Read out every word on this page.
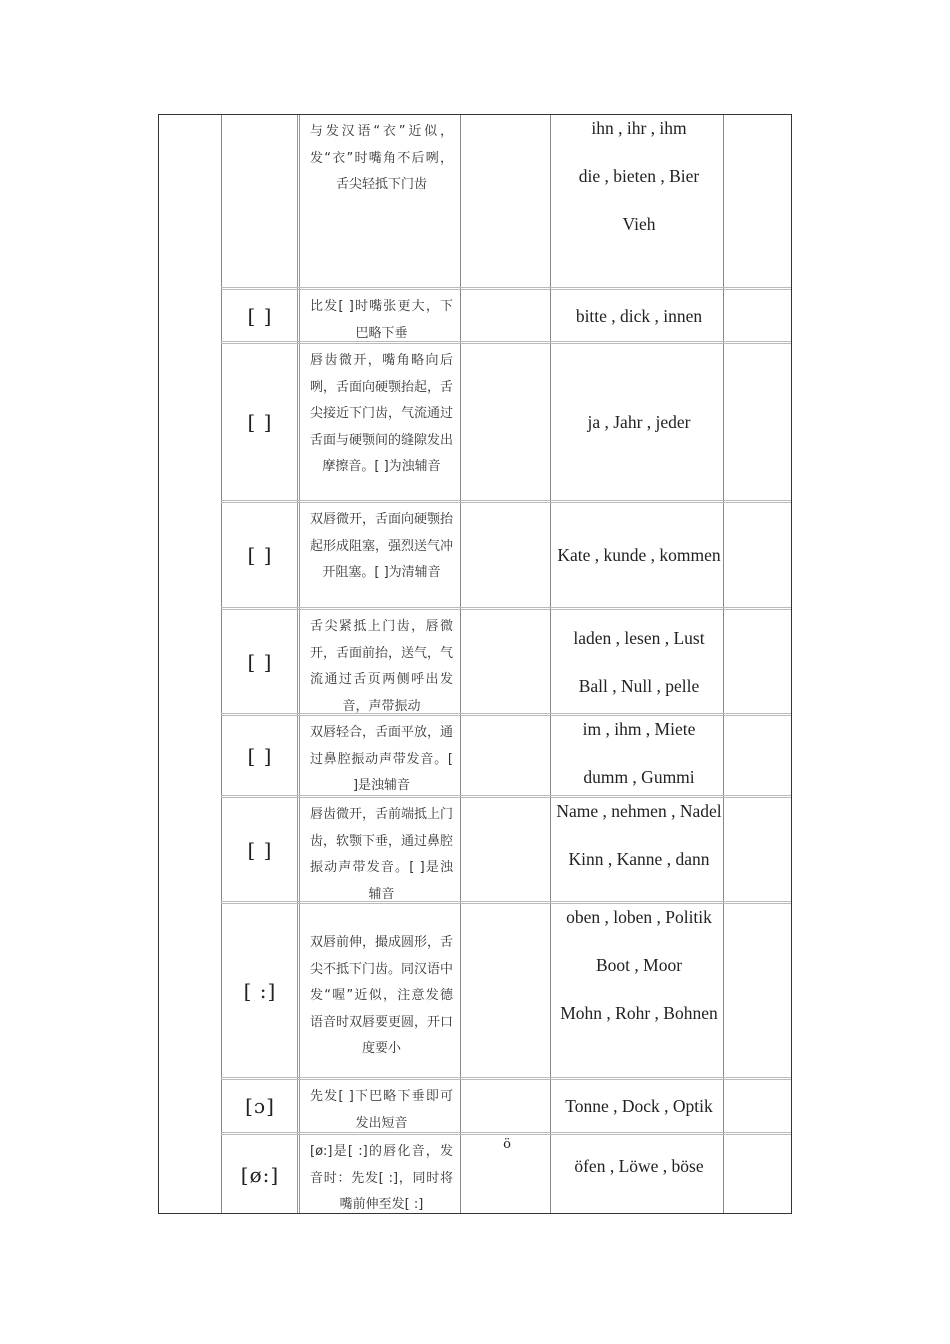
与发汉语“衣”近似，发“衣”时嘴角不后咧，舌尖轻抵下门齿
ihn , ihr , ihm
die , bieten , Bier
Vieh
[ ]	比发[ ]时嘴张更大，下巴略下垂
bitte , dick , innen
[ ]
唇齿微开，嘴角略向后咧，舌面向硬颚抬起，舌尖接近下门齿，气流通过舌面与硬颚间的缝隙发出摩擦音。[ ]为浊辅音
ja , Jahr , jeder
[ ]
双唇微开，舌面向硬颚抬起形成阻塞，强烈送气冲开阻塞。[ ]为清辅音
Kate , kunde , kommen
[ ]
舌尖紧抵上门齿，唇微开，舌面前抬，送气，气流通过舌页两侧呼出发音，声带振动
laden , lesen , Lust
Ball , Null , pelle
[ ]
双唇轻合，舌面平放，通过鼻腔振动声带发音。[ ]是浊辅音
im , ihm , Miete
dumm , Gummi
[ ]
唇齿微开，舌前端抵上门齿，软颚下垂，通过鼻腔振动声带发音。[ ]是浊辅音
Name , nehmen , Nadel
Kinn , Kanne , dann
[ :]
双唇前伸，撮成圆形，舌尖不抵下门齿。同汉语中发“喔”近似，注意发德语音时双唇要更圆，开口度要小
oben , loben , Politik
Boot , Moor
Mohn , Rohr , Bohnen
[ɔ]	先发[ ]下巴略下垂即可发出短音
Tonne , Dock , Optik
[ø:]
[ø:]是[ :]的唇化音，发音时：先发[ :]，同时将嘴前伸至发[ :]
ö
öfen , Löwe , böse
